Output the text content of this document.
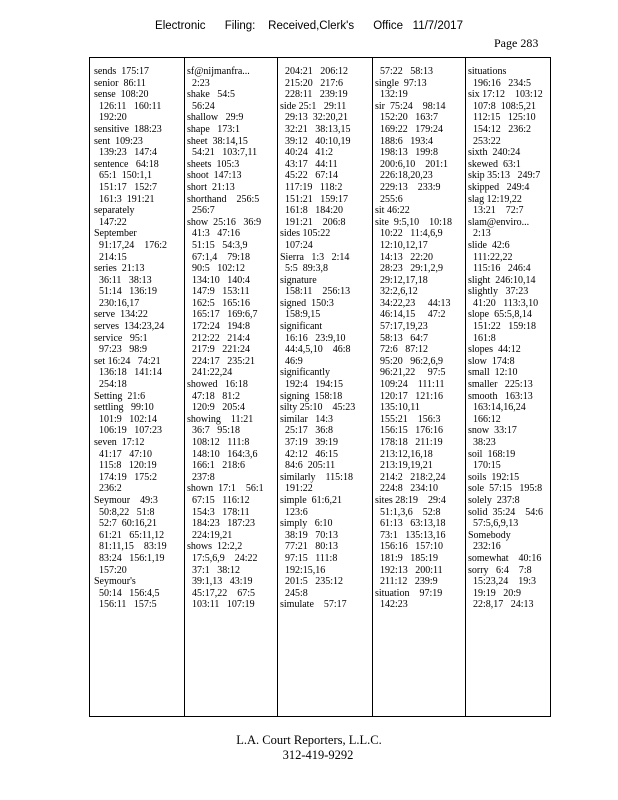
Electronic      Filing:    Received,Clerk's      Office   11/7/2017
Page 283
sends  175:17
senior  86:11
sense  108:20
126:11   160:11
192:20
sensitive  188:23
sent  109:23
139:23   147:4
sentence   64:18
65:1  150:1,1
151:17   152:7
161:3  191:21
separately
147:22
September
91:17,24    176:2
214:15
series  21:13
36:11   38:13
51:14   136:19
230:16,17
serve  134:22
serves  134:23,24
service   95:1
97:23   98:9
set 16:24   74:21
136:18   141:14
254:18
Setting  21:6
settling   99:10
101:9   102:14
106:19   107:23
seven  17:12
41:17   47:10
115:8   120:19
174:19   175:2
236:2
Seymour    49:3
50:8,22   51:8
52:7  60:16,21
61:21   65:11,12
81:11,15    83:19
83:24   156:1,19
157:20
Seymour's
50:14   156:4,5
156:11   157:5
sf@nijmanfra...
2:23
shake   54:5
56:24
shallow   29:9
shape   173:1
sheet  38:14,15
54:21   103:7,11
sheets  105:3
shoot  147:13
short  21:13
shorthand    256:5
256:7
show  25:16   36:9
41:3   47:16
51:15   54:3,9
67:1,4    79:18
90:5   102:12
134:10   140:4
147:9   153:11
162:5   165:16
165:17   169:6,7
172:24   194:8
212:22   214:4
217:9   221:24
224:17   235:21
241:22,24
showed   16:18
47:18   81:2
120:9   205:4
showing    11:21
36:7   95:18
108:12   111:8
148:10   164:3,6
166:1   218:6
237:8
shown  17:1    56:1
67:15   116:12
154:3   178:11
184:23   187:23
224:19,21
shows  12:2,2
17:5,6,9    24:22
37:1   38:12
39:1,13   43:19
45:17,22    67:5
103:11   107:19
204:21   206:12
215:20   217:6
228:11   239:19
side 25:1   29:11
29:13  32:20,21
32:21   38:13,15
39:12   40:10,19
40:24   41:2
43:17   44:11
45:22   67:14
117:19   118:2
151:21   159:17
161:8   184:20
191:21    206:8
sides 105:22
107:24
Sierra   1:3   2:14
5:5  89:3,8
signature
158:11    256:13
signed  150:3
158:9,15
significant
16:16   23:9,10
44:4,5,10    46:8
46:9
significantly
192:4   194:15
signing  158:18
silty 25:10    45:23
similar   14:3
25:17   36:8
37:19   39:19
42:12   46:15
84:6  205:11
similarly    115:18
191:22
simple  61:6,21
123:6
simply   6:10
38:19   70:13
77:21   80:13
97:15   111:8
192:15,16
201:5   235:12
245:8
simulate    57:17
57:22   58:13
single  97:13
132:19
sir  75:24    98:14
152:20   163:7
169:22   179:24
188:6   193:4
198:13   199:8
200:6,10    201:1
226:18,20,23
229:13    233:9
255:6
sit 46:22
site  9:5,10    10:18
10:22   11:4,6,9
12:10,12,17
14:13   22:20
28:23   29:1,2,9
29:12,17,18
32:2,6,12
34:22,23     44:13
46:14,15     47:2
57:17,19,23
58:13   64:7
72:6   87:12
95:20   96:2,6,9
96:21,22     97:5
109:24    111:11
120:17   121:16
135:10,11
155:21    156:3
156:15   176:16
178:18   211:19
213:12,16,18
213:19,19,21
214:2   218:2,24
224:8   234:10
sites 28:19    29:4
51:1,3,6    52:8
61:13   63:13,18
73:1   135:13,16
156:16   157:10
181:9   185:19
192:13   200:11
211:12   239:9
situation    97:19
142:23
situations
196:16   234:5
six 17:12    103:12
107:8  108:5,21
112:15   125:10
154:12   236:2
253:22
sixth  240:24
skewed  63:1
skip 35:13   249:7
skipped   249:4
slag 12:19,22
13:21    72:7
slam@enviro...
2:13
slide  42:6
111:22,22
115:16   246:4
slight  246:10,14
slightly   37:23
41:20   113:3,10
slope  65:5,8,14
151:22   159:18
161:8
slopes  44:12
slow  174:8
small  12:10
smaller   225:13
smooth   163:13
163:14,16,24
166:12
snow  33:17
38:23
soil  168:19
170:15
soils  192:15
sole  57:15   195:8
solely  237:8
solid  35:24    54:6
57:5,6,9,13
Somebody
232:16
somewhat    40:16
sorry   6:4    7:8
15:23,24    19:3
19:19   20:9
22:8,17   24:13
L.A. Court Reporters, L.L.C.
312-419-9292
